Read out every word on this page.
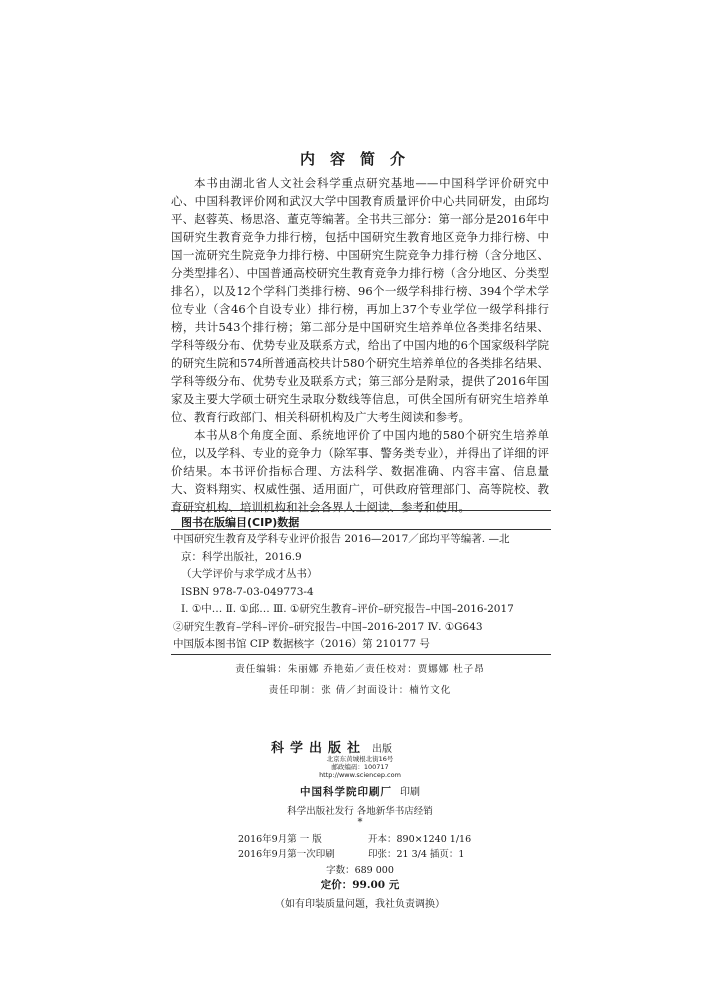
内容简介

本书由湖北省人文社会科学重点研究基地——中国科学评价研究中心、中国科教评价网和武汉大学中国教育质量评价中心共同研发，由邱均平、赵蓉英、杨思洛、董克等编著。全书共三部分：第一部分是2016年中国研究生教育竞争力排行榜，包括中国研究生教育地区竞争力排行榜、中国一流研究生院竞争力排行榜、中国研究生院竞争力排行榜（含分地区、分类型排名）、中国普通高校研究生教育竞争力排行榜（含分地区、分类型排名），以及12个学科门类排行榜、96个一级学科排行榜、394个学术学位专业（含46个自设专业）排行榜，再加上37个专业学位一级学科排行榜，共计543个排行榜；第二部分是中国研究生培养单位各类排名结果、学科等级分布、优势专业及联系方式，给出了中国内地的6个国家级科学院的研究生院和574所普通高校共计580个研究生培养单位的各类排名结果、学科等级分布、优势专业及联系方式；第三部分是附录，提供了2016年国家及主要大学硕士研究生录取分数线等信息，可供全国所有研究生培养单位、教育行政部门、相关科研机构及广大考生阅读和参考。

本书从8个角度全面、系统地评价了中国内地的580个研究生培养单位，以及学科、专业的竞争力（除军事、警务类专业），并得出了详细的评价结果。本书评价指标合理、方法科学、数据准确、内容丰富、信息量大、资料翔实、权威性强、适用面广，可供政府管理部门、高等院校、教育研究机构、培训机构和社会各界人士阅读、参考和使用。

图书在版编目(CIP)数据
中国研究生教育及学科专业评价报告 2016—2017／邱均平等编著. —北
京：科学出版社，2016.9
（大学评价与求学成才丛书）
ISBN 978-7-03-049773-4
Ⅰ. ①中… Ⅱ. ①邱… Ⅲ. ①研究生教育–评价–研究报告–中国–2016-2017
②研究生教育–学科–评价–研究报告–中国–2016-2017 Ⅳ. ①G643
中国版本图书馆 CIP 数据核字（2016）第 210177 号
责任编辑：朱丽娜 乔艳茹／责任校对：贾娜娜 杜子昂
责任印制：张 倩／封面设计：楠竹文化
科学出版社 出版
北京东黄城根北街16号
邮政编码：100717
http://www.sciencep.com
中国科学院印刷厂 印刷
科学出版社发行 各地新华书店经销
*
2016年9月第 一 版	开本：890×1240 1/16
2016年9月第一次印刷	印张：21 3/4 插页：1
字数：689 000
定价：99.00 元
（如有印装质量问题，我社负责调换）
